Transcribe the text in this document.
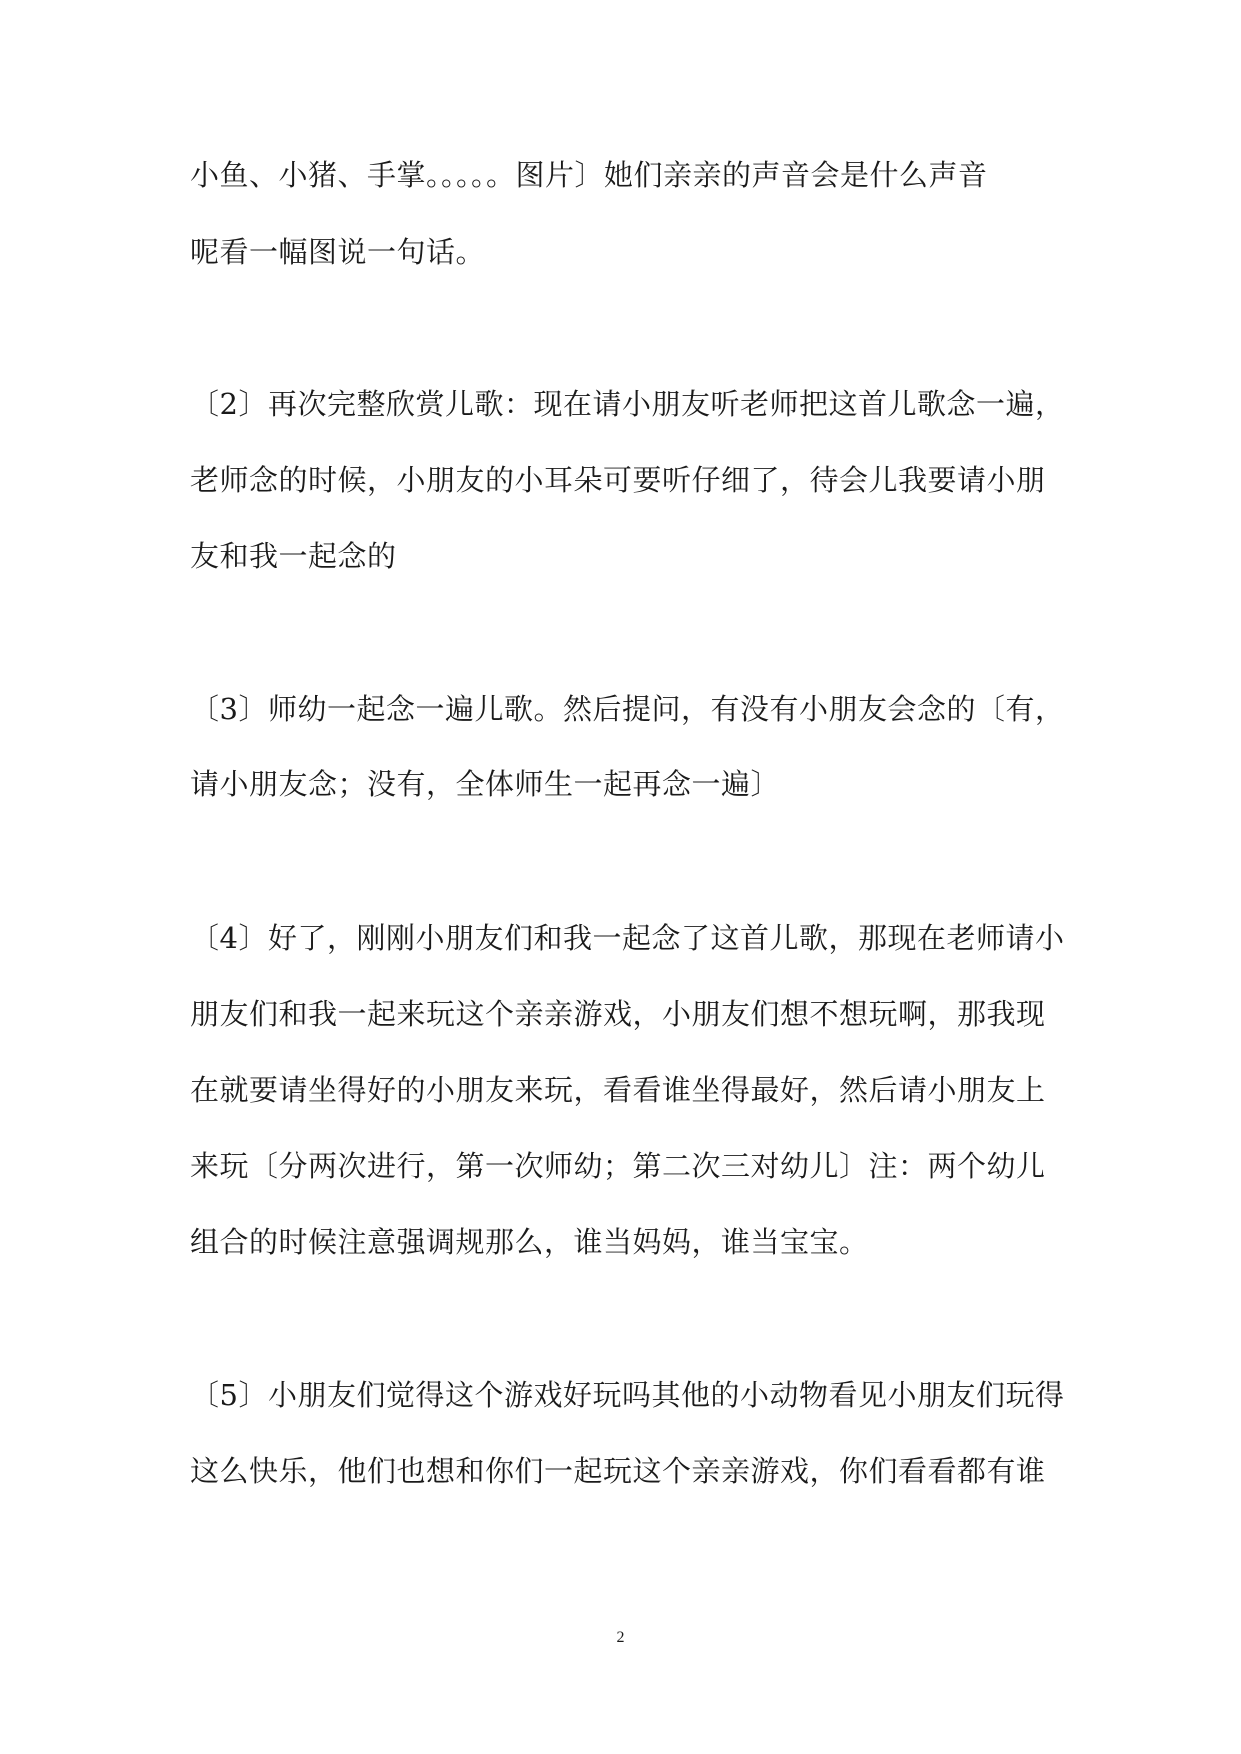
小鱼、小猪、手掌。。。。。图片〕她们亲亲的声音会是什么声音
呢看一幅图说一句话。
〔2〕再次完整欣赏儿歌：现在请小朋友听老师把这首儿歌念一遍，
老师念的时候，小朋友的小耳朵可要听仔细了，待会儿我要请小朋
友和我一起念的
〔3〕师幼一起念一遍儿歌。然后提问，有没有小朋友会念的〔有，
请小朋友念；没有，全体师生一起再念一遍〕
〔4〕好了，刚刚小朋友们和我一起念了这首儿歌，那现在老师请小
朋友们和我一起来玩这个亲亲游戏，小朋友们想不想玩啊，那我现
在就要请坐得好的小朋友来玩，看看谁坐得最好，然后请小朋友上
来玩〔分两次进行，第一次师幼；第二次三对幼儿〕注：两个幼儿
组合的时候注意强调规那么，谁当妈妈，谁当宝宝。
〔5〕小朋友们觉得这个游戏好玩吗其他的小动物看见小朋友们玩得
这么快乐，他们也想和你们一起玩这个亲亲游戏，你们看看都有谁
2
